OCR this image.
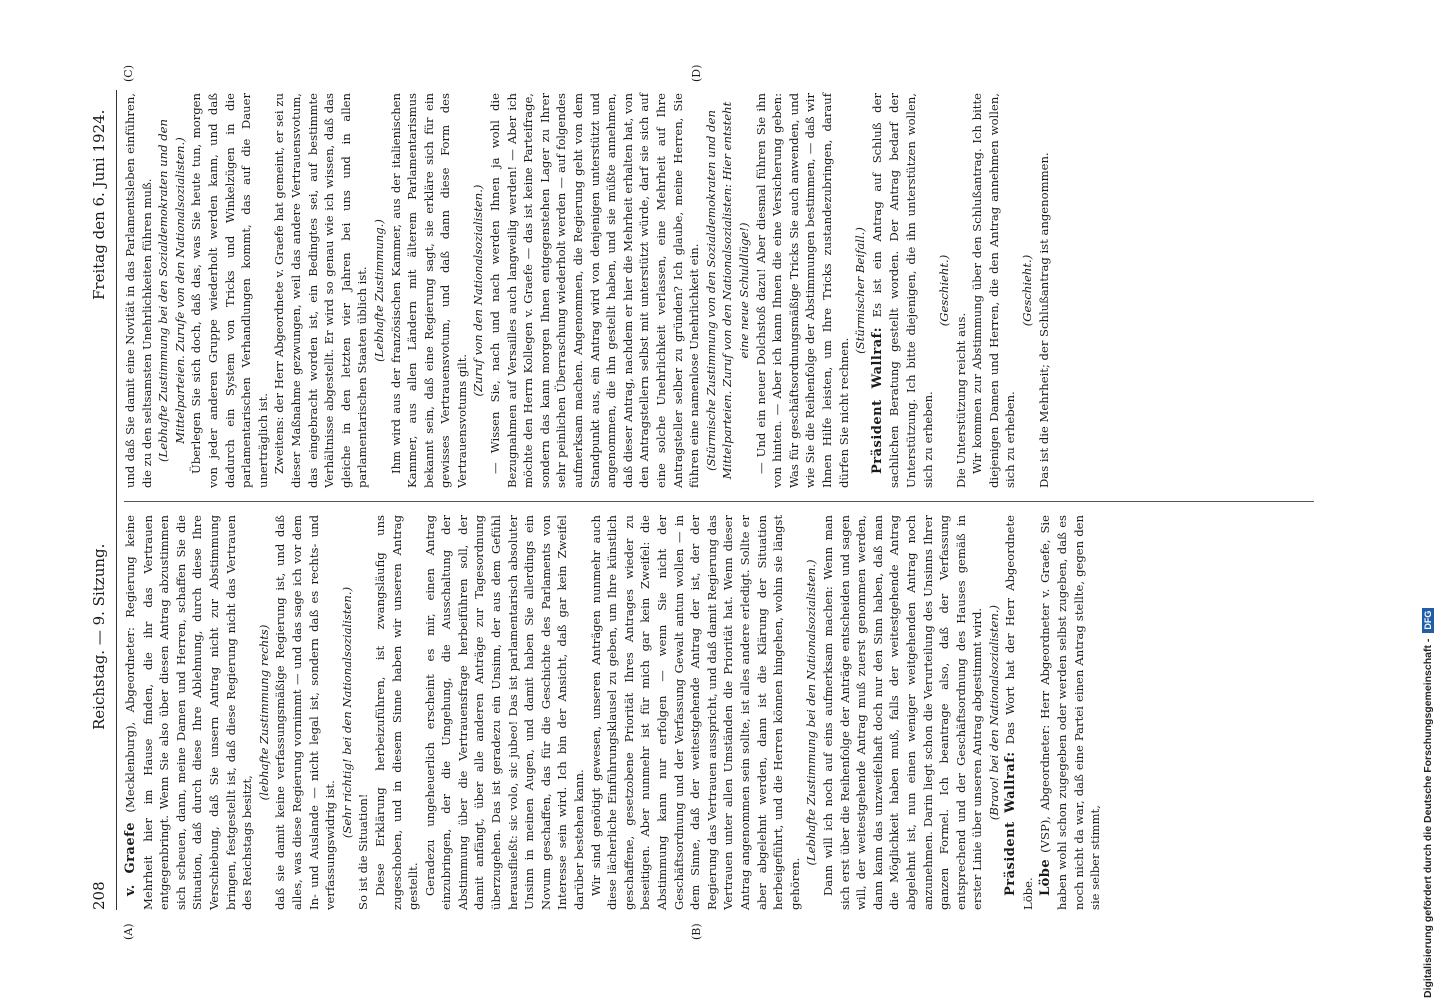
208
Reichstag. — 9. Sitzung.
Freitag den 6. Juni 1924.
(A)	(B)
(C)	(D)

v. Graefe (Mecklenburg), Abgeordneter: Regierung keine Mehrheit hier im Hause finden, die ihr das Vertrauen entgegenbringt. Wenn Sie also über diesen Antrag abzustimmen sich scheuen, dann, meine Damen und Herren, schaffen Sie die Situation, daß durch diese Ihre Ablehnung, durch diese Ihre Verschiebung, daß Sie unsern Antrag nicht zur Abstimmung bringen, festgestellt ist, daß diese Regierung nicht das Vertrauen des Reichstags besitzt,

(lebhafte Zustimmung rechts) daß sie damit keine verfassungsmäßige Regierung ist, und daß alles, was diese Regierung vornimmt — und das sage ich vor dem In- und Auslande — nicht legal ist, sondern daß es rechts- und verfassungswidrig ist.

(Sehr richtig! bei den Nationalsozialisten.)

So ist die Situation! Diese Erklärung herbeizuführen, ist zwangsläufig uns zugeschoben, und in diesem Sinne haben wir unseren Antrag gestellt. Geradezu ungeheuerlich erscheint es mir, einen Antrag einzubringen, der die Umgehung, die Ausschaltung der Abstimmung über die Vertrauensfrage herbeiführen soll, der damit anfängt, über alle anderen Anträge zur Tagesordnung überzugehen. Das ist geradezu ein Unsinn, der aus dem Gefühl herausfließt: sic volo, sic jubeo! Das ist parlamentarisch absoluter Unsinn in meinen Augen, und damit haben Sie allerdings ein Novum geschaffen, das für die Geschichte des Parlaments von Interesse sein wird. Ich bin der Ansicht, daß gar kein Zweifel darüber bestehen kann. Wir sind genötigt gewesen, unseren Anträgen nunmehr auch diese lächerliche Einführungsklausel zu geben, um Ihre künstlich geschaffene, gesetzobene Priorität Ihres Antrages wieder zu beseitigen. Aber nunmehr ist für mich gar kein Zweifel: die Abstimmung kann nur erfolgen — wenn Sie nicht der Geschäftsordnung und der Verfassung Gewalt antun wollen — in dem Sinne, daß der weitestgehende Antrag der ist, der der Regierung das Vertrauen ausspricht, und daß damit Regierung das Vertrauen unter allen Umständen die Priorität hat. Wenn dieser Antrag angenommen sein sollte, ist alles andere erledigt. Sollte er aber abgelehnt werden, dann ist die Klärung der Situation herbeigeführt, und die Herren können hingehen, wohin sie längst gehören.

(Lebhafte Zustimmung bei den Nationalsozialisten.) Dann will ich noch auf eins aufmerksam machen: Wenn man sich erst über die Reihenfolge der Anträge entscheiden und sagen will, der weitestgehende Antrag muß zuerst genommen werden, dann kann das unzweifelhaft doch nur den Sinn haben, daß man die Möglichkeit haben muß, falls der weitestgehende Antrag abgelehnt ist, nun einen weniger weitgehenden Antrag noch anzunehmen. Darin liegt schon die Verurteilung des Unsinns Ihrer ganzen Formel. Ich beantrage also, daß der Verfassung entsprechend und der Geschäftsordnung des Hauses gemäß in erster Linie über unseren Antrag abgestimmt wird. (Bravo! bei den Nationalsozialisten.)

Präsident Wallraf: Das Wort hat der Herr Abgeordnete Löbe. Löbe (VSP), Abgeordneter: Herr Abgeordneter v. Graefe, Sie haben wohl schon zugegeben oder werden selbst zugeben, daß es noch nicht da war, daß eine Partei einen Antrag stellte, gegen den sie selber stimmt,

und daß Sie damit eine Novität in das Parlamentsleben einführen, die zu den seltsamsten Unehrlichkeiten führen muß. (Lebhafte Zustimmung bei den Sozialdemokraten und den Mittelparteien. Zurufe von den Nationalsozialisten.) Überlegen Sie sich doch, daß das, was Sie heute tun, morgen von jeder anderen Gruppe wiederholt werden kann, und daß dadurch ein System von Tricks und Winkelzügen in die parlamentarischen Verhandlungen kommt, das auf die Dauer unerträglich ist. Zweitens: der Herr Abgeordnete v. Graefe hat gemeint, er sei zu dieser Maßnahme gezwungen, weil das andere Vertrauensvotum, das eingebracht worden ist, ein Bedingtes sei, auf bestimmte Verhältnisse abgestellt. Er wird so genau wie ich wissen, daß das gleiche in den letzten vier Jahren bei uns und in allen parlamentarischen Staaten üblich ist. (Lebhafte Zustimmung.) Ihm wird aus der französischen Kammer, aus der italienischen Kammer, aus allen Ländern mit älterem Parlamentarismus bekannt sein, daß eine Regierung sagt, sie erkläre sich für ein gewisses Vertrauensvotum, und daß dann diese Form des Vertrauensvotums gilt.

(Zuruf von den Nationalsozialisten.) — Wissen Sie, nach und nach werden Ihnen ja wohl die Bezugnahmen auf Versailles auch langweilig werden! — Aber ich möchte den Herrn Kollegen v. Graefe — das ist keine Parteifrage, sondern das kann morgen Ihnen entgegenstehen Lager zu Ihrer sehr peinlichen Überraschung wiederholt werden — auf folgendes aufmerksam machen. Angenommen, die Regierung geht von dem Standpunkt aus, ein Antrag wird von denjenigen unterstützt und angenommen, die ihn gestellt haben, und sie müßte annehmen, daß dieser Antrag, nachdem er hier die Mehrheit erhalten hat, von den Antragstellern selbst mit unterstützt würde, darf sie sich auf eine solche Unehrlichkeit verlassen, eine Mehrheit auf Ihre Antragsteller selber zu gründen? Ich glaube, meine Herren, Sie führen eine namenlose Unehrlichkeit ein. (Stürmische Zustimmung von den Sozialdemokraten und den Mittelparteien. Zuruf von den Nationalsozialisten: Hier entsteht eine neue Schuldlüge!) — Und ein neuer Dolchstoß dazu! Aber diesmal führen Sie ihn von hinten. — Aber ich kann Ihnen die eine Versicherung geben: Was für geschäftsordnungsmäßige Tricks Sie auch anwenden, und wie Sie die Reihenfolge der Abstimmungen bestimmen, — daß wir Ihnen Hilfe leisten, um Ihre Tricks zustandezubringen, darauf dürfen Sie nicht rechnen.

(Stürmischer Beifall.)

Präsident Wallraf: Es ist ein Antrag auf Schluß der sachlichen Beratung gestellt worden. Der Antrag bedarf der Unterstützung. Ich bitte diejenigen, die ihn unterstützen wollen, sich zu erheben.

(Geschieht.)

Die Unterstützung reicht aus. Wir kommen zur Abstimmung über den Schlußantrag. Ich bitte diejenigen Damen und Herren, die den Antrag annehmen wollen, sich zu erheben.

(Geschieht.) Das ist die Mehrheit; der Schlußantrag ist angenommen.

Digitalisierung gefördert durch die Deutsche Forschungsgemeinschaft -
DFG
